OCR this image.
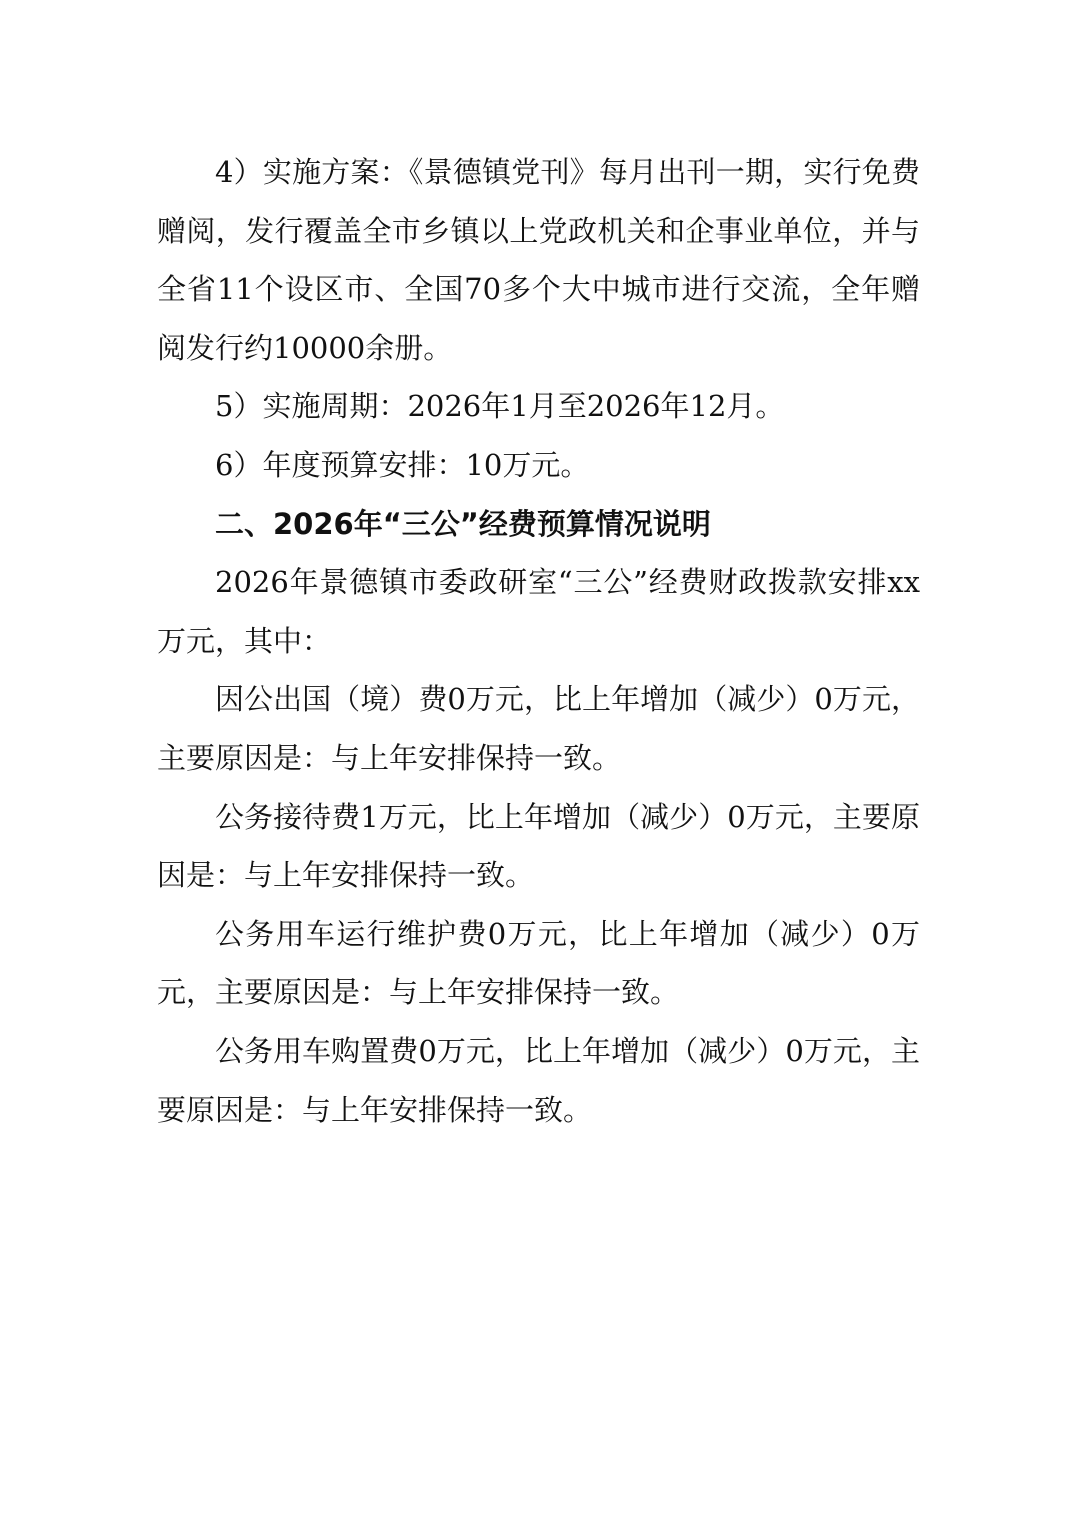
4）实施方案：《景德镇党刊》每月出刊一期，实行免费赠阅，发行覆盖全市乡镇以上党政机关和企事业单位，并与全省11个设区市、全国70多个大中城市进行交流，全年赠阅发行约10000余册。

5）实施周期：2026年1月至2026年12月。

6）年度预算安排：10万元。

二、2026年“三公”经费预算情况说明

2026年景德镇市委政研室“三公”经费财政拨款安排xx万元，其中：

因公出国（境）费0万元，比上年增加（减少）0万元，主要原因是：与上年安排保持一致。

公务接待费1万元，比上年增加（减少）0万元，主要原因是：与上年安排保持一致。

公务用车运行维护费0万元，比上年增加（减少）0万元，主要原因是：与上年安排保持一致。

公务用车购置费0万元，比上年增加（减少）0万元，主要原因是：与上年安排保持一致。
